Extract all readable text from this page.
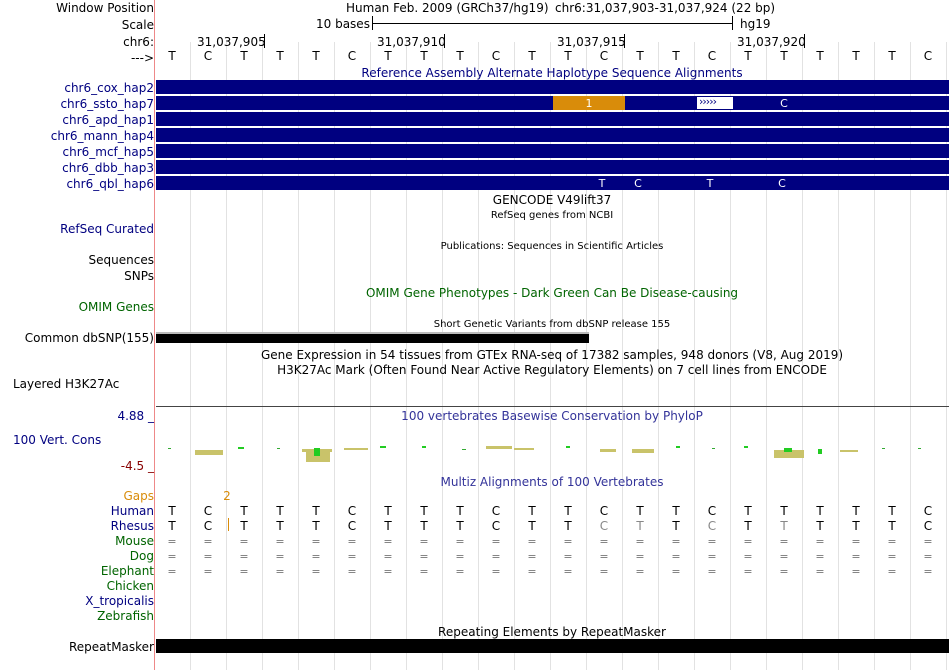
Window Position
Scale
chr6:
--->
Human Feb. 2009 (GRCh37/hg19) chr6:31,037,903-31,037,924 (22 bp)
10 bases	hg19
31,037,905	31,037,910	31,037,915	31,037,920
T C T T T C T T T C T T C T T C T T T T T C
Reference Assembly Alternate Haplotype Sequence Alignments
chr6_cox_hap2
chr6_ssto_hap7
chr6_apd_hap1
chr6_mann_hap4
chr6_mcf_hap5
chr6_dbb_hap3
chr6_qbl_hap6
1	›››››	C
T	C	T	C
GENCODE V49lift37
RefSeq genes from NCBI
RefSeq Curated
Publications: Sequences in Scientific Articles
Sequences
SNPs
OMIM Gene Phenotypes - Dark Green Can Be Disease-causing
OMIM Genes
Short Genetic Variants from dbSNP release 155
Common dbSNP(155)
Gene Expression in 54 tissues from GTEx RNA-seq of 17382 samples, 948 donors (V8, Aug 2019)
H3K27Ac Mark (Often Found Near Active Regulatory Elements) on 7 cell lines from ENCODE
Layered H3K27Ac
100 vertebrates Basewise Conservation by PhyloP
4.88 _
100 Vert. Cons
-4.5 _
Multiz Alignments of 100 Vertebrates
Gaps	2
Human T C T T T C T T T C T T C T T C T T T T T C
Rhesus T C T T T C T T T C T T C T T C T T T T T C
Mouse = = = = = = = = = = = = = = = = = = = = = =
Dog = = = = = = = = = = = = = = = = = = = = = =
Elephant = = = = = = = = = = = = = = = = = = = = = =
Chicken
X_tropicalis
Zebrafish
Repeating Elements by RepeatMasker
RepeatMasker
